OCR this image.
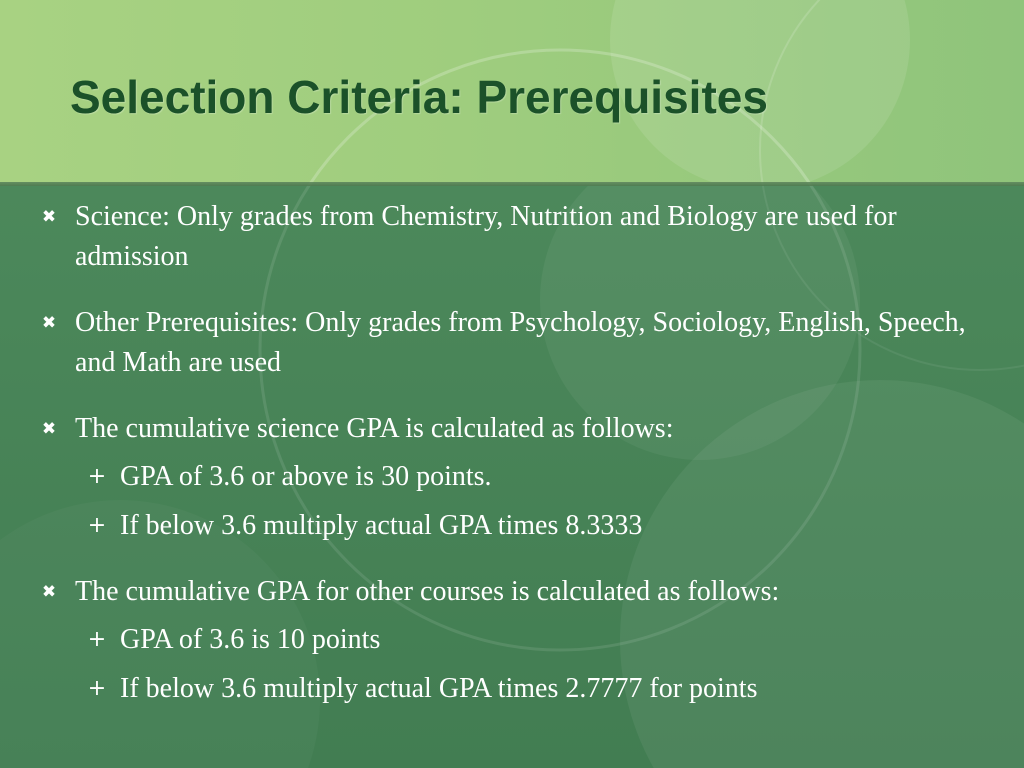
Selection Criteria: Prerequisites
✖ Science: Only grades from Chemistry, Nutrition and Biology are used for admission
✖ Other Prerequisites: Only grades from Psychology, Sociology, English, Speech, and Math are used
✖ The cumulative science GPA is calculated as follows:
+ GPA of 3.6 or above is 30 points.
+ If below 3.6 multiply actual GPA times 8.3333
✖ The cumulative GPA for other courses is calculated as follows:
+ GPA of 3.6 is 10 points
+ If below 3.6 multiply actual GPA times 2.7777 for points
